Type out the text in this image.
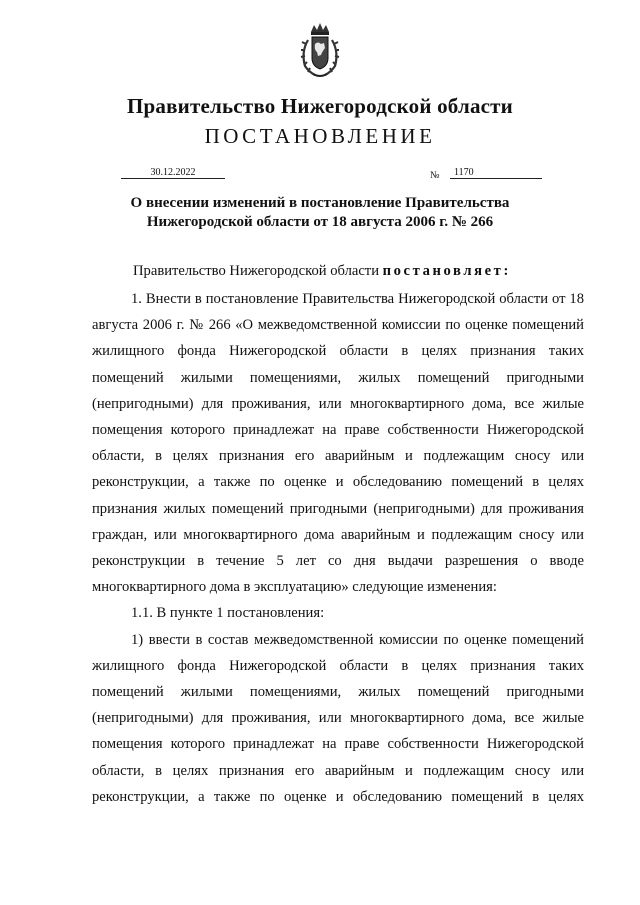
Правительство Нижегородской области
ПОСТАНОВЛЕНИЕ
30.12.2022	№	1170
О внесении изменений в постановление Правительства
Нижегородской области от 18 августа 2006 г. № 266
Правительство Нижегородской области постановляет:

1. Внести в постановление Правительства Нижегородской области от 18 августа 2006 г. № 266 «О межведомственной комиссии по оценке помещений жилищного фонда Нижегородской области в целях признания таких помещений жилыми помещениями, жилых помещений пригодными (непригодными) для проживания, или многоквартирного дома, все жилые помещения которого принадлежат на праве собственности Нижегородской области, в целях признания его аварийным и подлежащим сносу или реконструкции, а также по оценке и обследованию помещений в целях признания жилых помещений пригодными (непригодными) для проживания граждан, или многоквартирного дома аварийным и подлежащим сносу или реконструкции в течение 5 лет со дня выдачи разрешения о вводе многоквартирного дома в эксплуатацию» следующие изменения:

1.1. В пункте 1 постановления:

1) ввести в состав межведомственной комиссии по оценке помещений жилищного фонда Нижегородской области в целях признания таких помещений жилыми помещениями, жилых помещений пригодными (непригодными) для проживания, или многоквартирного дома, все жилые помещения которого принадлежат на праве собственности Нижегородской области, в целях признания его аварийным и подлежащим сносу или реконструкции, а также по оценке и обследованию помещений в целях
